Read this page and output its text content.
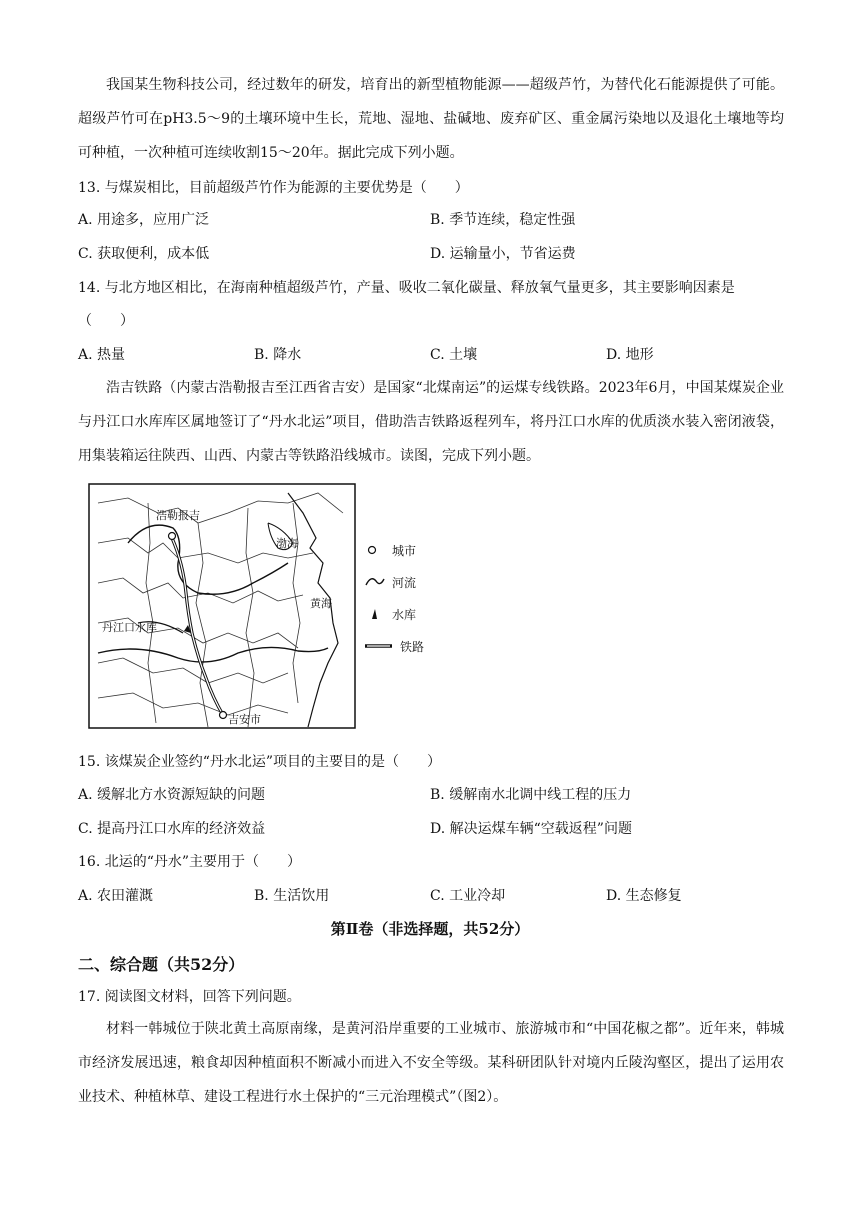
我国某生物科技公司，经过数年的研发，培育出的新型植物能源——超级芦竹，为替代化石能源提供了可能。超级芦竹可在pH3.5～9的土壤环境中生长，荒地、湿地、盐碱地、废弃矿区、重金属污染地以及退化土壤地等均可种植，一次种植可连续收割15～20年。据此完成下列小题。
13. 与煤炭相比，目前超级芦竹作为能源的主要优势是（　　）
A. 用途多，应用广泛	B. 季节连续，稳定性强
C. 获取便利，成本低	D. 运输量小，节省运费
14. 与北方地区相比，在海南种植超级芦竹，产量、吸收二氧化碳量、释放氧气量更多，其主要影响因素是
（　　）
A. 热量	B. 降水	C. 土壤	D. 地形
浩吉铁路（内蒙古浩勒报吉至江西省吉安）是国家“北煤南运”的运煤专线铁路。2023年6月，中国某煤炭企业与丹江口水库库区属地签订了“丹水北运”项目，借助浩吉铁路返程列车，将丹江口水库的优质淡水装入密闭液袋，用集装箱运往陕西、山西、内蒙古等铁路沿线城市。读图，完成下列小题。
浩勒报吉
渤海
黄海
丹江口水库
吉安市
城市
河流
水库
铁路
15. 该煤炭企业签约“丹水北运”项目的主要目的是（　　）
A. 缓解北方水资源短缺的问题	B. 缓解南水北调中线工程的压力
C. 提高丹江口水库的经济效益	D. 解决运煤车辆“空载返程”问题
16. 北运的“丹水”主要用于（　　）
A. 农田灌溉	B. 生活饮用	C. 工业冷却	D. 生态修复
第Ⅱ卷（非选择题，共52分）
二、综合题（共52分）
17. 阅读图文材料，回答下列问题。
材料一韩城位于陕北黄土高原南缘，是黄河沿岸重要的工业城市、旅游城市和“中国花椒之都”。近年来，韩城市经济发展迅速，粮食却因种植面积不断减小而进入不安全等级。某科研团队针对境内丘陵沟壑区，提出了运用农业技术、种植林草、建设工程进行水土保护的“三元治理模式”（图2）。
